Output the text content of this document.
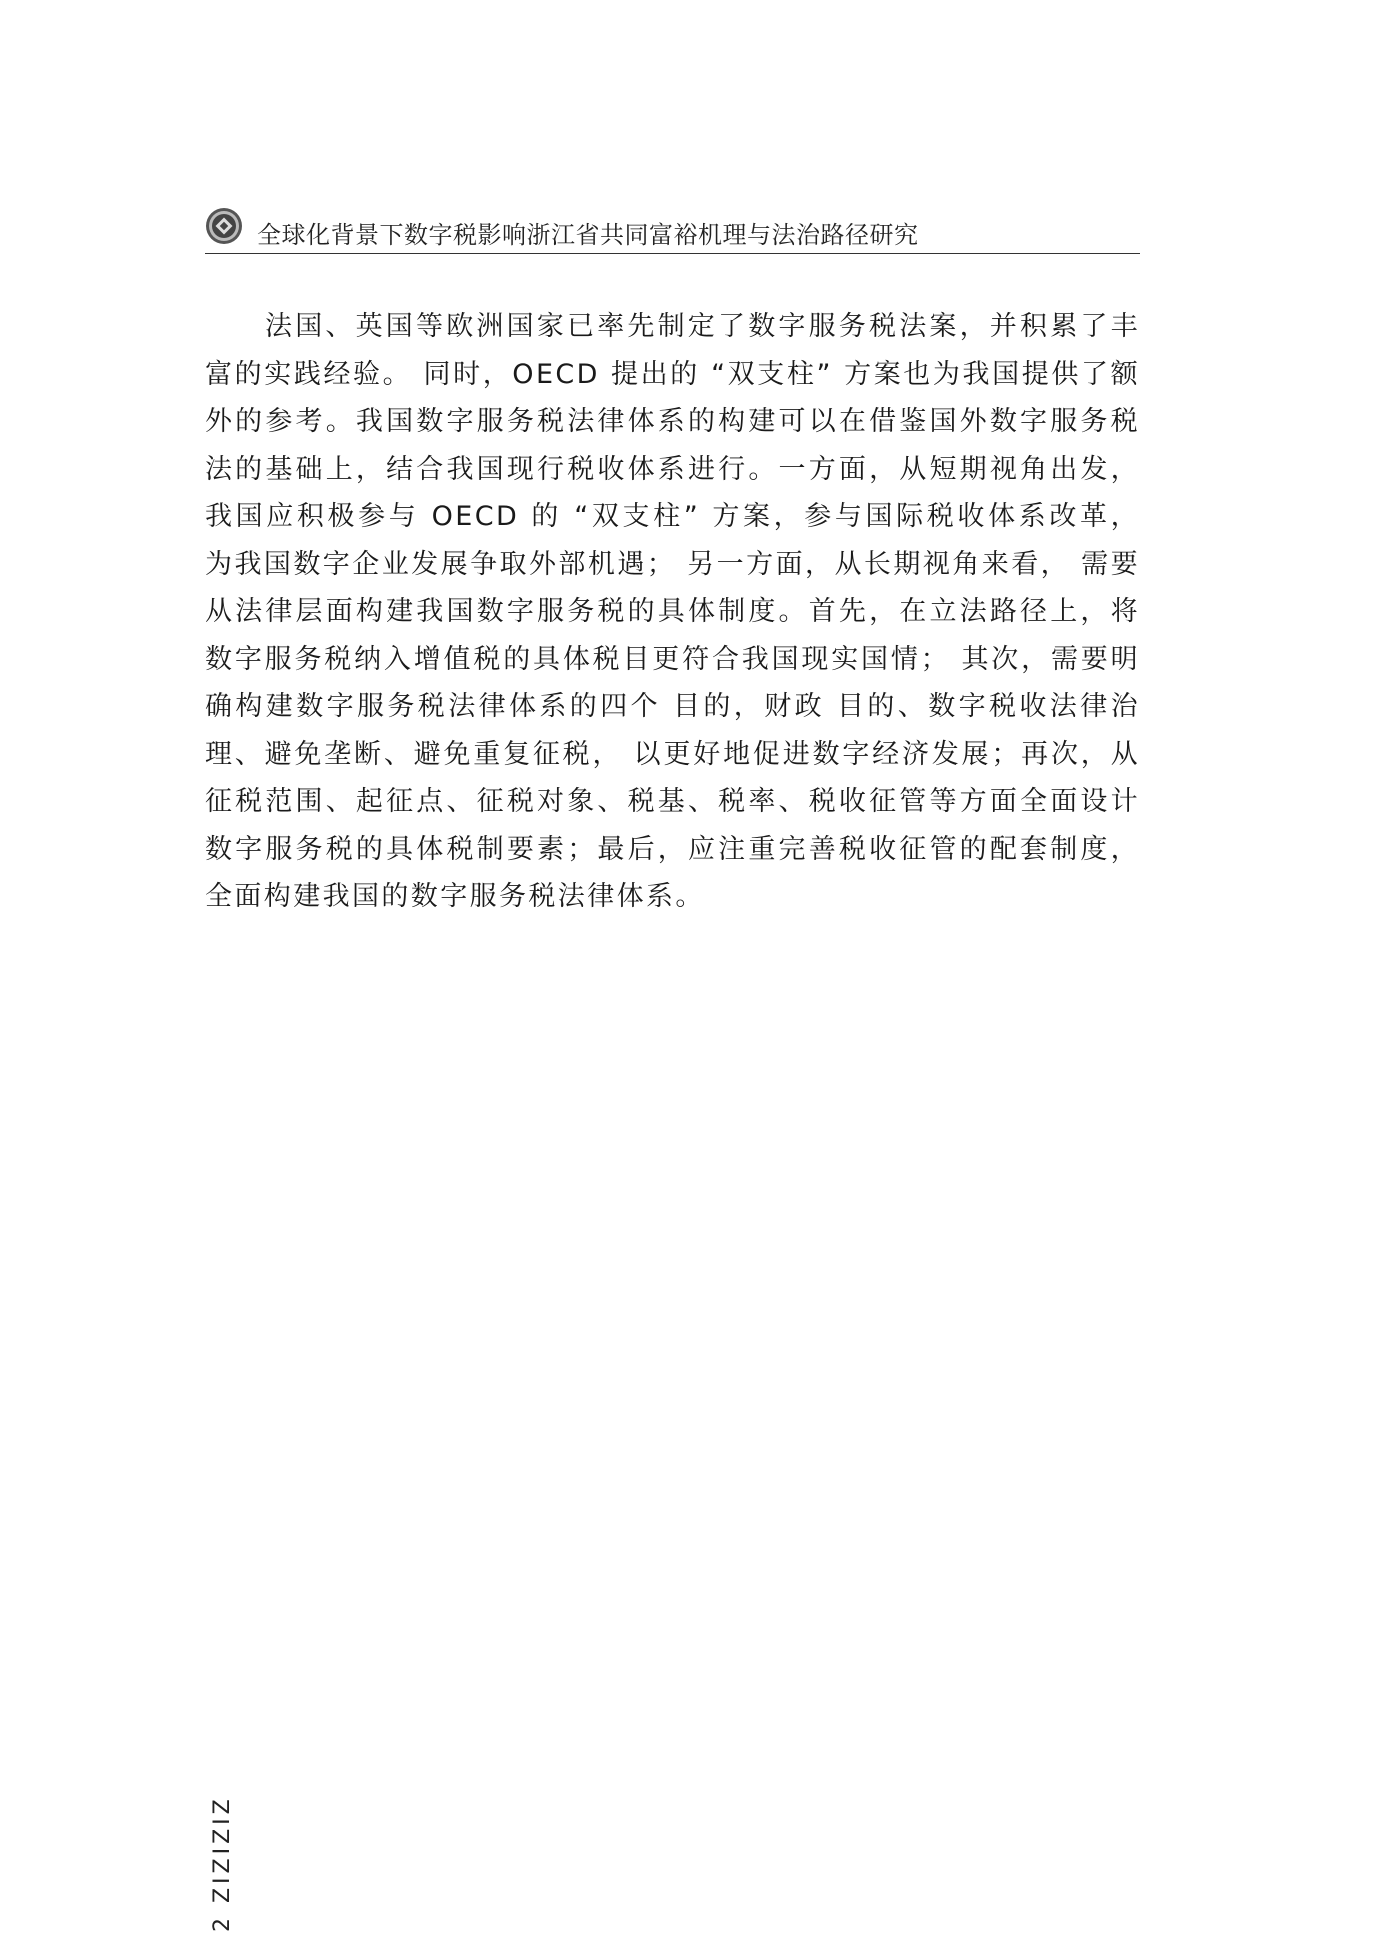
全球化背景下数字税影响浙江省共同富裕机理与法治路径研究

法国、英国等欧洲国家已率先制定了数字服务税法案，并积累了丰富的实践经验。 同时，OECD 提出的 “双支柱” 方案也为我国提供了额外的参考。我国数字服务税法律体系的构建可以在借鉴国外数字服务税法的基础上，结合我国现行税收体系进行。一方面，从短期视角出发，我国应积极参与 OECD 的 “双支柱” 方案，参与国际税收体系改革， 为我国数字企业发展争取外部机遇； 另一方面，从长期视角来看， 需要从法律层面构建我国数字服务税的具体制度。首先，在立法路径上，将数字服务税纳入增值税的具体税目更符合我国现实国情； 其次，需要明确构建数字服务税法律体系的四个 目的，财政 目的、数字税收法律治理、避免垄断、避免重复征税， 以更好地促进数字经济发展；再次，从征税范围、起征点、征税对象、税基、税率、税收征管等方面全面设计数字服务税的具体税制要素；最后，应注重完善税收征管的配套制度，全面构建我国的数字服务税法律体系。

2 ZIZIZIZ
